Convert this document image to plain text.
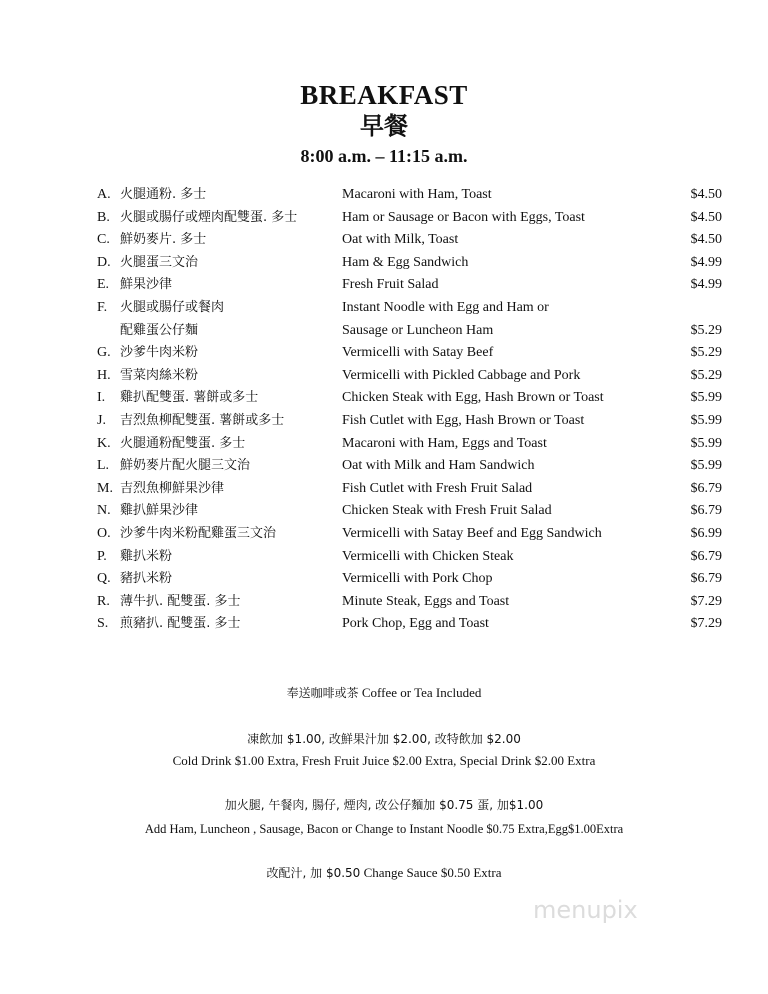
BREAKFAST
早餐
8:00 a.m. – 11:15 a.m.
A. 火腿通粉. 多士	Macaroni with Ham, Toast	$4.50
B. 火腿或腸仔或煙肉配雙蛋. 多士	Ham or Sausage or Bacon with Eggs, Toast	$4.50
C. 鮮奶麥片. 多士	Oat with Milk, Toast	$4.50
D. 火腿蛋三文治	Ham & Egg Sandwich	$4.99
E. 鮮果沙律	Fresh Fruit Salad	$4.99
F. 火腿或腸仔或餐肉	Instant Noodle with Egg and Ham or
配雞蛋公仔麵	Sausage or Luncheon Ham	$5.29
G. 沙爹牛肉米粉	Vermicelli with Satay Beef	$5.29
H. 雪菜肉絲米粉	Vermicelli with Pickled Cabbage and Pork	$5.29
I. 雞扒配雙蛋. 薯餅或多士	Chicken Steak with Egg, Hash Brown or Toast	$5.99
J. 吉烈魚柳配雙蛋. 薯餅或多士	Fish Cutlet with Egg, Hash Brown or Toast	$5.99
K. 火腿通粉配雙蛋. 多士	Macaroni with Ham, Eggs and Toast	$5.99
L. 鮮奶麥片配火腿三文治	Oat with Milk and Ham Sandwich	$5.99
M. 吉烈魚柳鮮果沙律	Fish Cutlet with Fresh Fruit Salad	$6.79
N. 雞扒鮮果沙律	Chicken Steak with Fresh Fruit Salad	$6.79
O. 沙爹牛肉米粉配雞蛋三文治	Vermicelli with Satay Beef and Egg Sandwich	$6.99
P. 雞扒米粉	Vermicelli with Chicken Steak	$6.79
Q. 豬扒米粉	Vermicelli with Pork Chop	$6.79
R. 薄牛扒. 配雙蛋. 多士	Minute Steak, Eggs and Toast	$7.29
S. 煎豬扒. 配雙蛋. 多士	Pork Chop, Egg and Toast	$7.29
奉送咖啡或茶 Coffee or Tea Included
凍飲加 $1.00, 改鮮果汁加 $2.00, 改特飲加 $2.00
Cold Drink $1.00 Extra, Fresh Fruit Juice $2.00 Extra, Special Drink $2.00 Extra
加火腿, 午餐肉, 腸仔, 煙肉, 改公仔麵加 $0.75 蛋, 加$1.00
Add Ham, Luncheon , Sausage, Bacon or Change to Instant Noodle $0.75 Extra,Egg$1.00Extra
改配汁, 加 $0.50 Change Sauce $0.50 Extra
menupix
